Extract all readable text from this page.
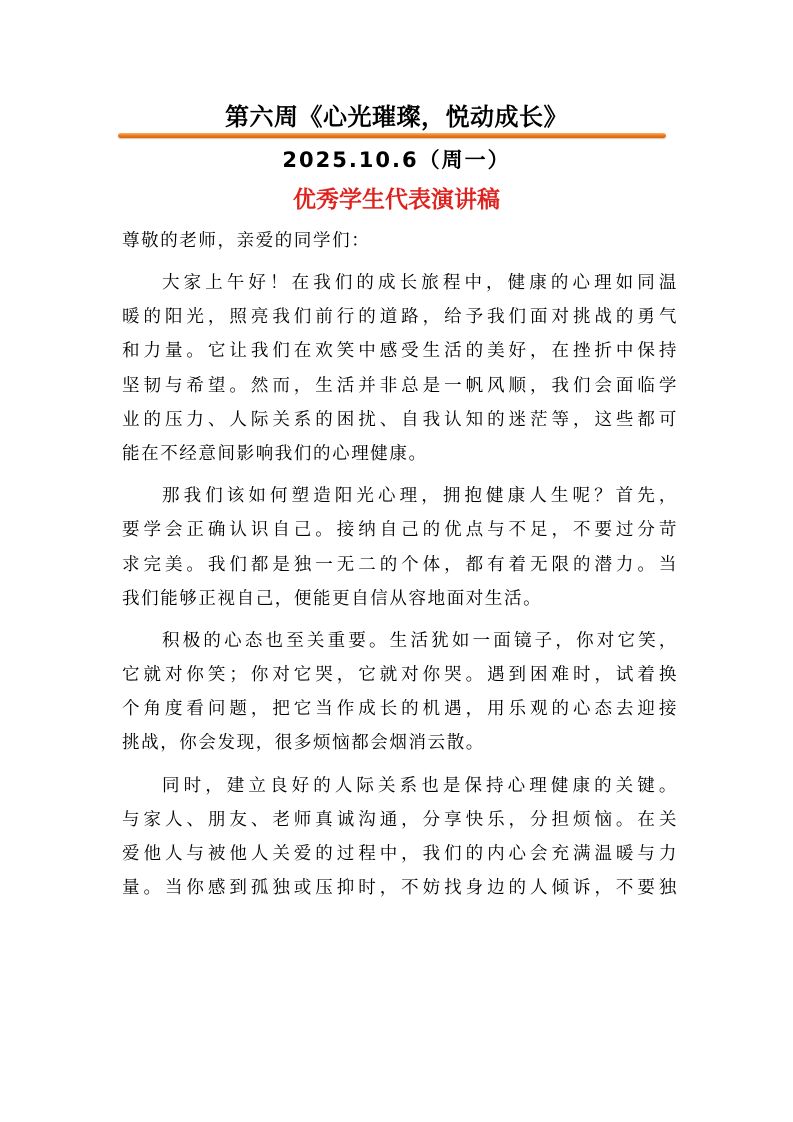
第六周《心光璀璨，悦动成长》
2025.10.6（周一）
优秀学生代表演讲稿

尊敬的老师，亲爱的同学们：

大家上午好！在我们的成长旅程中，健康的心理如同温
暖的阳光，照亮我们前行的道路，给予我们面对挑战的勇气
和力量。它让我们在欢笑中感受生活的美好，在挫折中保持
坚韧与希望。然而，生活并非总是一帆风顺，我们会面临学
业的压力、人际关系的困扰、自我认知的迷茫等，这些都可
能在不经意间影响我们的心理健康。

那我们该如何塑造阳光心理，拥抱健康人生呢？首先，
要学会正确认识自己。接纳自己的优点与不足，不要过分苛
求完美。我们都是独一无二的个体，都有着无限的潜力。当
我们能够正视自己，便能更自信从容地面对生活。

积极的心态也至关重要。生活犹如一面镜子，你对它笑，
它就对你笑；你对它哭，它就对你哭。遇到困难时，试着换
个角度看问题，把它当作成长的机遇，用乐观的心态去迎接
挑战，你会发现，很多烦恼都会烟消云散。

同时，建立良好的人际关系也是保持心理健康的关键。
与家人、朋友、老师真诚沟通，分享快乐，分担烦恼。在关
爱他人与被他人关爱的过程中，我们的内心会充满温暖与力
量。当你感到孤独或压抑时，不妨找身边的人倾诉，不要独
